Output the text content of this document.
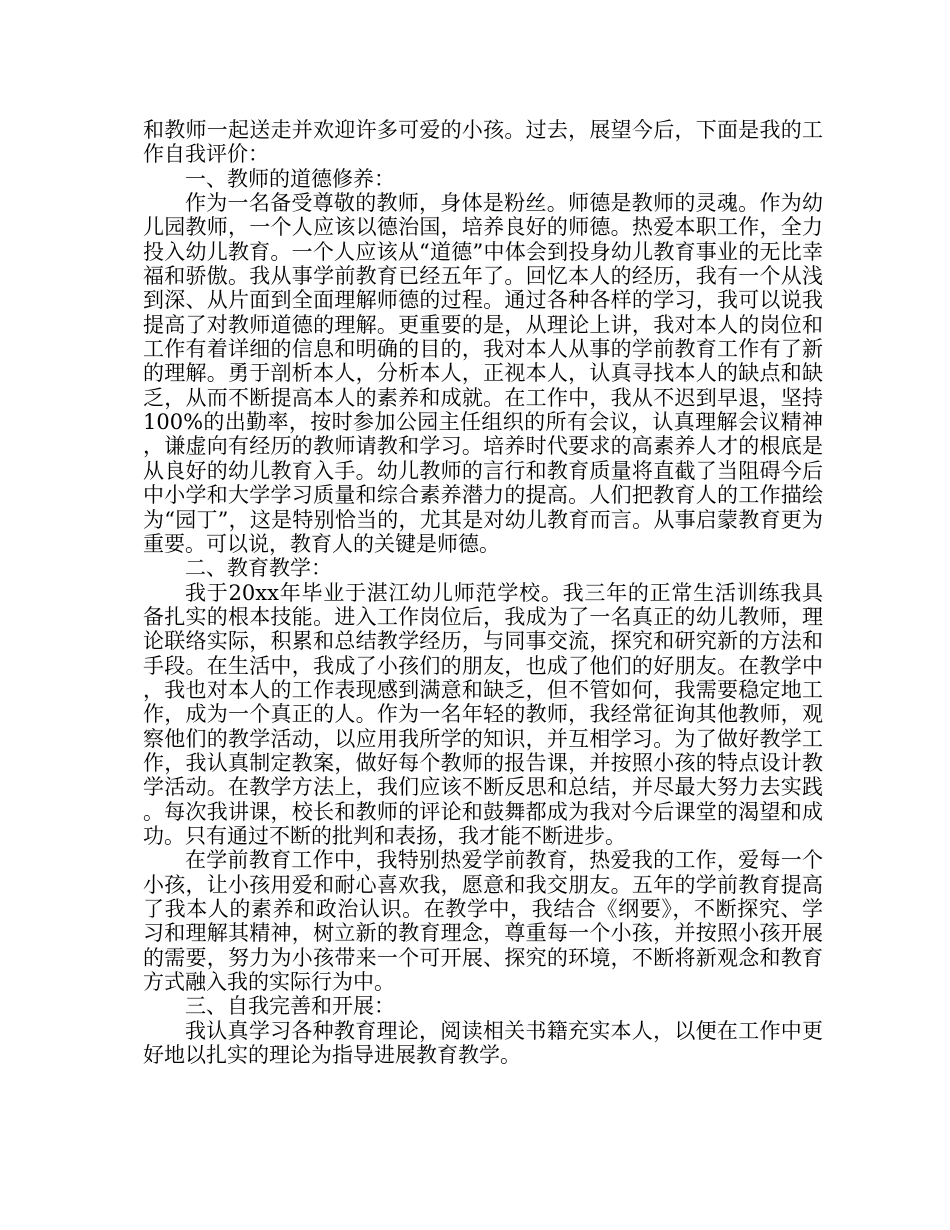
和教师一起送走并欢迎许多可爱的小孩。过去，展望今后，下面是我的工作自我评价：

一、教师的道德修养：

作为一名备受尊敬的教师，身体是粉丝。师德是教师的灵魂。作为幼儿园教师，一个人应该以德治国，培养良好的师德。热爱本职工作，全力投入幼儿教育。一个人应该从“道德”中体会到投身幼儿教育事业的无比幸福和骄傲。我从事学前教育已经五年了。回忆本人的经历，我有一个从浅到深、从片面到全面理解师德的过程。通过各种各样的学习，我可以说我提高了对教师道德的理解。更重要的是，从理论上讲，我对本人的岗位和工作有着详细的信息和明确的目的，我对本人从事的学前教育工作有了新的理解。勇于剖析本人，分析本人，正视本人，认真寻找本人的缺点和缺乏，从而不断提高本人的素养和成就。在工作中，我从不迟到早退，坚持100%的出勤率，按时参加公园主任组织的所有会议，认真理解会议精神，谦虚向有经历的教师请教和学习。培养时代要求的高素养人才的根底是从良好的幼儿教育入手。幼儿教师的言行和教育质量将直截了当阻碍今后中小学和大学学习质量和综合素养潜力的提高。人们把教育人的工作描绘为“园丁”，这是特别恰当的，尤其是对幼儿教育而言。从事启蒙教育更为重要。可以说，教育人的关键是师德。

二、教育教学：

我于20xx年毕业于湛江幼儿师范学校。我三年的正常生活训练我具备扎实的根本技能。进入工作岗位后，我成为了一名真正的幼儿教师，理论联络实际，积累和总结教学经历，与同事交流，探究和研究新的方法和手段。在生活中，我成了小孩们的朋友，也成了他们的好朋友。在教学中，我也对本人的工作表现感到满意和缺乏，但不管如何，我需要稳定地工作，成为一个真正的人。作为一名年轻的教师，我经常征询其他教师，观察他们的教学活动，以应用我所学的知识，并互相学习。为了做好教学工作，我认真制定教案，做好每个教师的报告课，并按照小孩的特点设计教学活动。在教学方法上，我们应该不断反思和总结，并尽最大努力去实践。每次我讲课，校长和教师的评论和鼓舞都成为我对今后课堂的渴望和成功。只有通过不断的批判和表扬，我才能不断进步。

在学前教育工作中，我特别热爱学前教育，热爱我的工作，爱每一个小孩，让小孩用爱和耐心喜欢我，愿意和我交朋友。五年的学前教育提高了我本人的素养和政治认识。在教学中，我结合《纲要》，不断探究、学习和理解其精神，树立新的教育理念，尊重每一个小孩，并按照小孩开展的需要，努力为小孩带来一个可开展、探究的环境，不断将新观念和教育方式融入我的实际行为中。

三、自我完善和开展：

我认真学习各种教育理论，阅读相关书籍充实本人，以便在工作中更好地以扎实的理论为指导进展教育教学。
